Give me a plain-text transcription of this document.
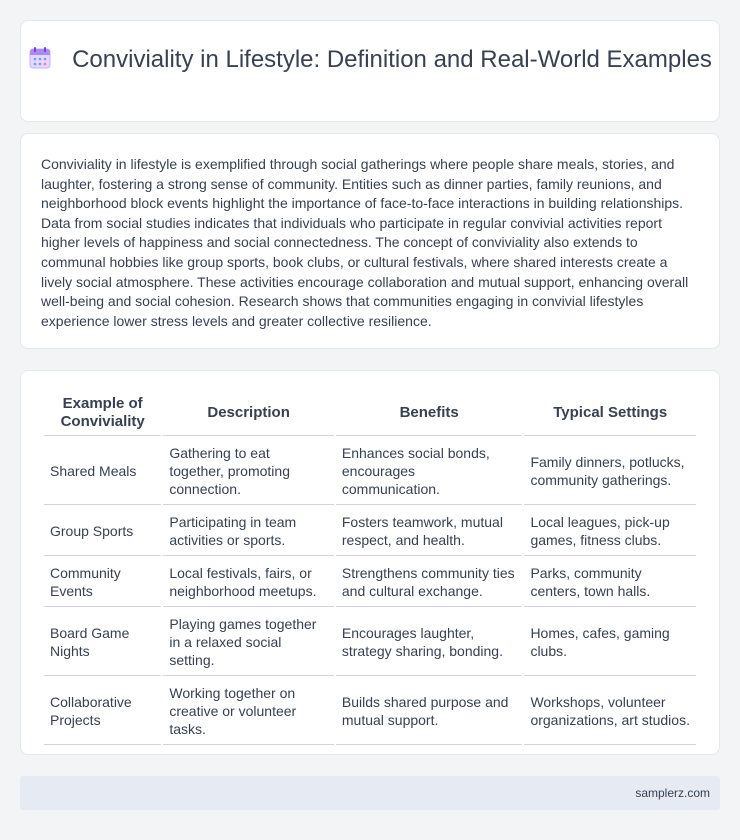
Conviviality in Lifestyle: Definition and Real-World Examples

Conviviality in lifestyle is exemplified through social gatherings where people share meals, stories, and laughter, fostering a strong sense of community. Entities such as dinner parties, family reunions, and neighborhood block events highlight the importance of face-to-face interactions in building relationships. Data from social studies indicates that individuals who participate in regular convivial activities report higher levels of happiness and social connectedness. The concept of conviviality also extends to communal hobbies like group sports, book clubs, or cultural festivals, where shared interests create a lively social atmosphere. These activities encourage collaboration and mutual support, enhancing overall well-being and social cohesion. Research shows that communities engaging in convivial lifestyles experience lower stress levels and greater collective resilience.

Example of Conviviality	Description	Benefits	Typical Settings
Shared Meals	Gathering to eat together, promoting connection.	Enhances social bonds, encourages communication.	Family dinners, potlucks, community gatherings.
Group Sports	Participating in team activities or sports.	Fosters teamwork, mutual respect, and health.	Local leagues, pick-up games, fitness clubs.
Community Events	Local festivals, fairs, or neighborhood meetups.	Strengthens community ties and cultural exchange.	Parks, community centers, town halls.
Board Game Nights	Playing games together in a relaxed social setting.	Encourages laughter, strategy sharing, bonding.	Homes, cafes, gaming clubs.
Collaborative Projects	Working together on creative or volunteer tasks.	Builds shared purpose and mutual support.	Workshops, volunteer organizations, art studios.
samplerz.com
